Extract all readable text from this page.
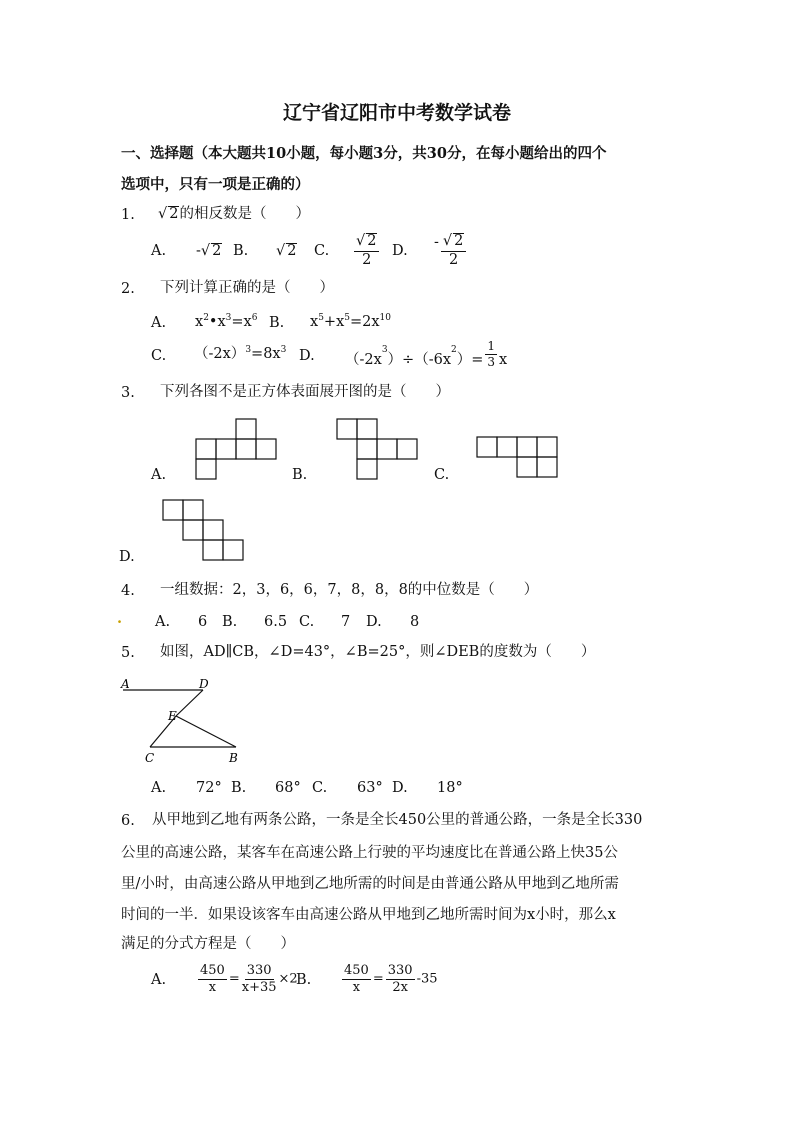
辽宁省辽阳市中考数学试卷
一、选择题（本大题共10小题，每小题3分，共30分，在每小题给出的四个
选项中，只有一项是正确的）
1. √ 2的相反数是（　　）
A. -√ 2 B. √ 2 C. $\frac{√ 2}{2} D$.
- $\frac{√ 2}{2}$
2. 下列计算正确的是（　　）
A. $x^2•x^3=x^6$ B. $x^5+x^5=2x^{10}$
C. $(-2x)^3=8x^3$ D. $(-2x^3)\div(-6x^2)= \frac{1}{3}$ x
3. 下列各图不是正方体表面展开图的是（　　）
A.	B.	C.
D.
4. 一组数据：2，3，6，6，7，8，8，8的中位数是（　　）
. A. 6 B. 6.5 C. 7 D. 8
5. 如图，AD∥CB，∠D=43°，∠B=25°，则∠DEB的度数为（　　）
A	D
E
C	B
A. 72° B. 68° C. 63° D. 18°
6. 从甲地到乙地有两条公路，一条是全长450公里的普通公路，一条是全长330
公里的高速公路，某客车在高速公路上行驶的平均速度比在普通公路上快35公
里/小时，由高速公路从甲地到乙地所需的时间是由普通公路从甲地到乙地所需
时间的一半．如果设该客车由高速公路从甲地到乙地所需时间为x小时，那么x
满足的分式方程是（　　）
A. $\frac{450}{x} = \frac{330}{x+35} \times 2$
B. $\frac{450}{x} = \frac{330}{2x} -35$
